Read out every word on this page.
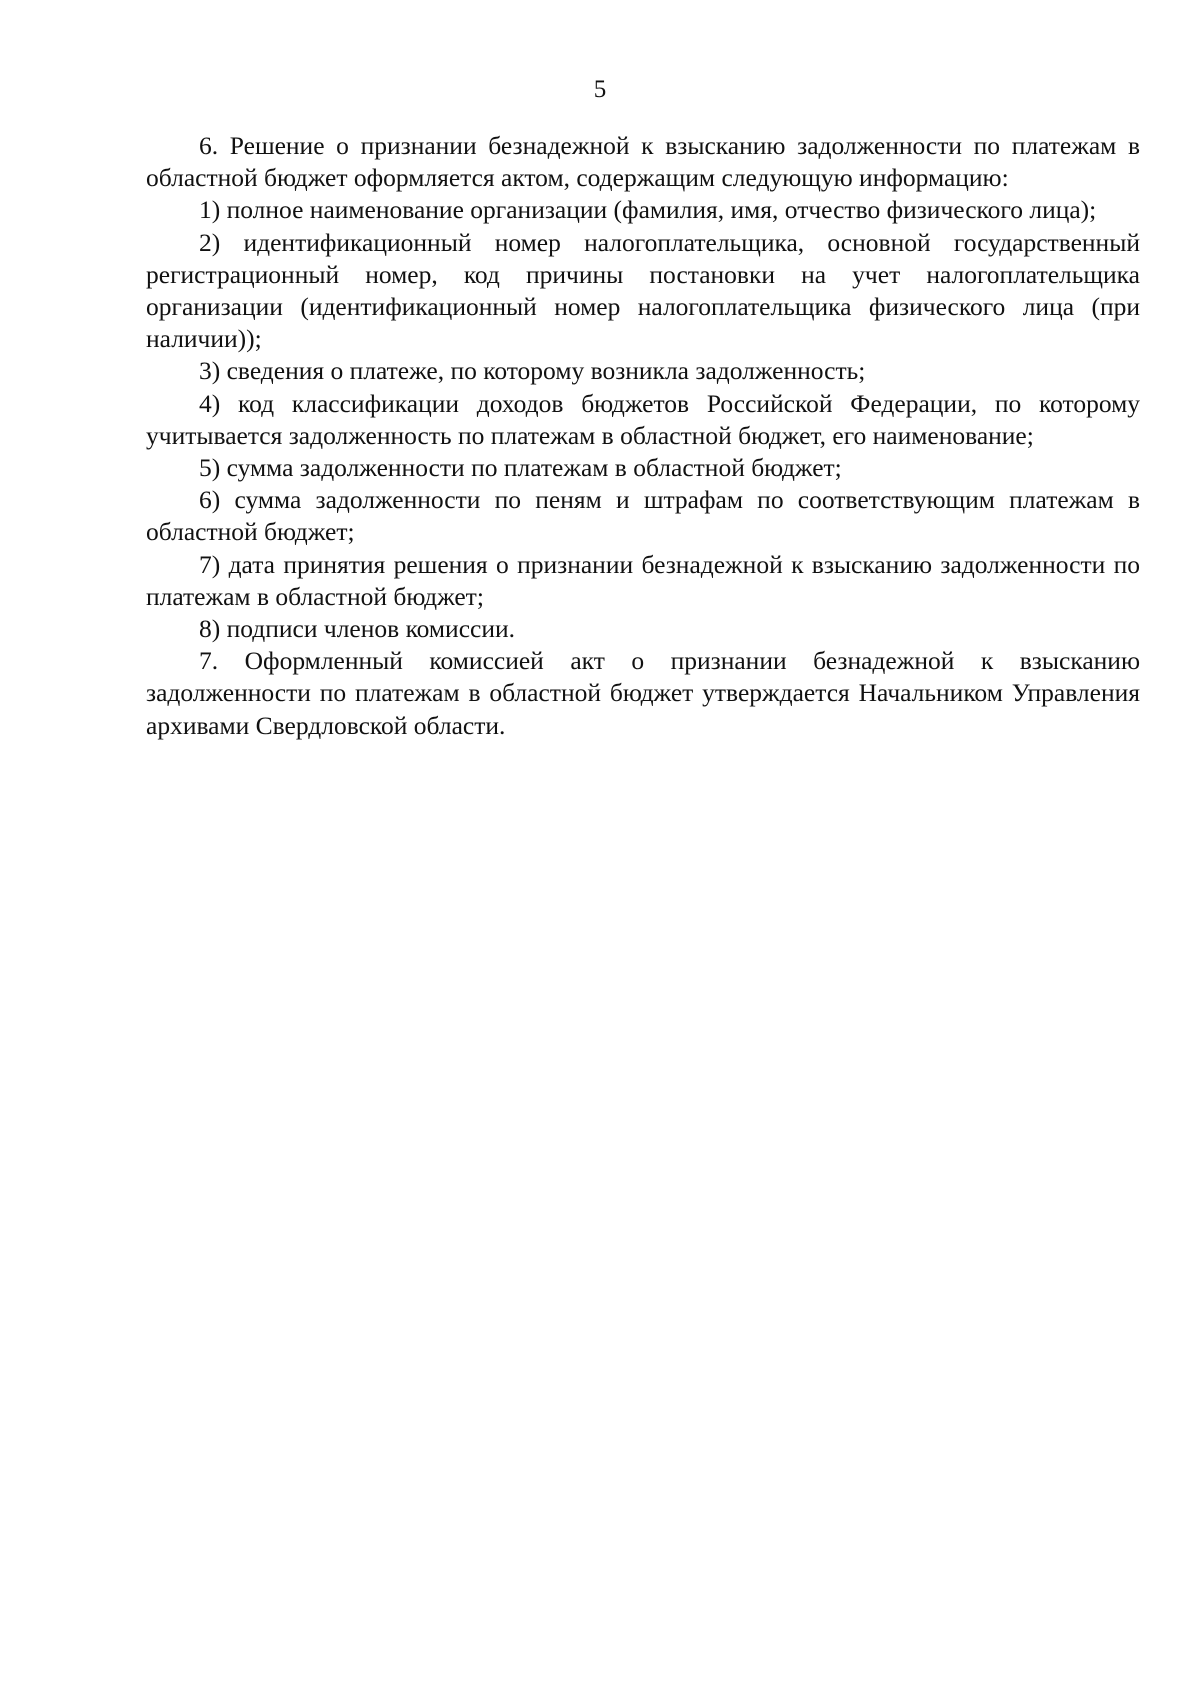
5

6. Решение о признании безнадежной к взысканию задолженности по платежам в областной бюджет оформляется актом, содержащим следующую информацию:

1) полное наименование организации (фамилия, имя, отчество физического лица);

2) идентификационный номер налогоплательщика, основной государственный регистрационный номер, код причины постановки на учет налогоплательщика организации (идентификационный номер налогоплательщика физического лица (при наличии));

3) сведения о платеже, по которому возникла задолженность;

4) код классификации доходов бюджетов Российской Федерации, по которому учитывается задолженность по платежам в областной бюджет, его наименование;

5) сумма задолженности по платежам в областной бюджет;

6) сумма задолженности по пеням и штрафам по соответствующим платежам в областной бюджет;

7) дата принятия решения о признании безнадежной к взысканию задолженности по платежам в областной бюджет;

8) подписи членов комиссии.

7. Оформленный комиссией акт о признании безнадежной к взысканию задолженности по платежам в областной бюджет утверждается Начальником Управления архивами Свердловской области.
